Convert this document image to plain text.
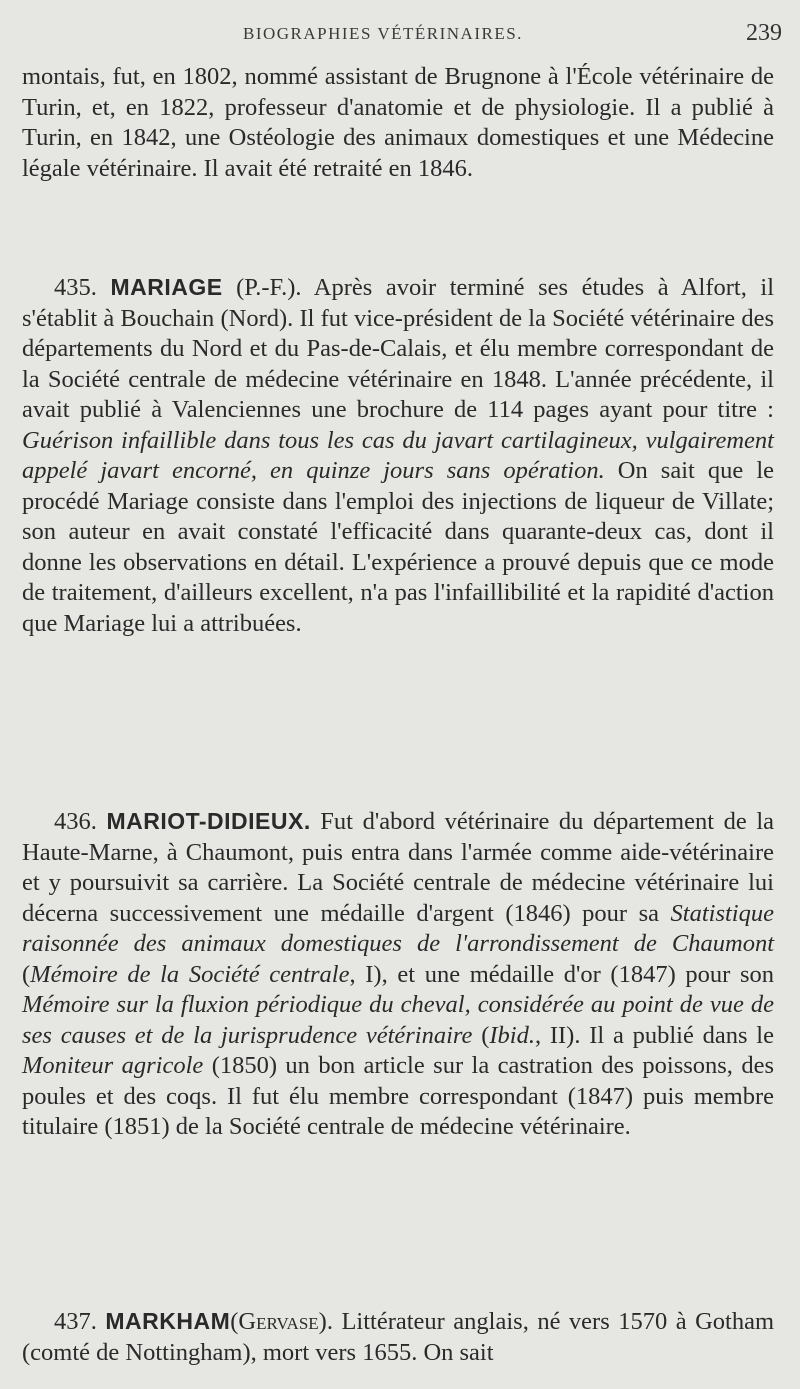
BIOGRAPHIES VÉTÉRINAIRES.	239

montais, fut, en 1802, nommé assistant de Brugnone à l'École vétérinaire de Turin, et, en 1822, professeur d'anatomie et de physiologie. Il a publié à Turin, en 1842, une Ostéologie des animaux domestiques et une Médecine légale vétérinaire. Il avait été retraité en 1846.

435. MARIAGE (P.-F.). Après avoir terminé ses études à Alfort, il s'établit à Bouchain (Nord). Il fut vice-président de la Société vétérinaire des départements du Nord et du Pas-de-Calais, et élu membre correspondant de la Société centrale de médecine vétérinaire en 1848. L'année précédente, il avait publié à Valenciennes une brochure de 114 pages ayant pour titre : Guérison infaillible dans tous les cas du javart cartilagineux, vulgairement appelé javart encorné, en quinze jours sans opération. On sait que le procédé Mariage consiste dans l'emploi des injections de liqueur de Villate; son auteur en avait constaté l'efficacité dans quarante-deux cas, dont il donne les observations en détail. L'expérience a prouvé depuis que ce mode de traitement, d'ailleurs excellent, n'a pas l'infaillibilité et la rapidité d'action que Mariage lui a attribuées.

436. MARIOT-DIDIEUX. Fut d'abord vétérinaire du département de la Haute-Marne, à Chaumont, puis entra dans l'armée comme aide-vétérinaire et y poursuivit sa carrière. La Société centrale de médecine vétérinaire lui décerna successivement une médaille d'argent (1846) pour sa Statistique raisonnée des animaux domestiques de l'arrondissement de Chaumont (Mémoire de la Société centrale, I), et une médaille d'or (1847) pour son Mémoire sur la fluxion périodique du cheval, considérée au point de vue de ses causes et de la jurisprudence vétérinaire (Ibid., II). Il a publié dans le Moniteur agricole (1850) un bon article sur la castration des poissons, des poules et des coqs. Il fut élu membre correspondant (1847) puis membre titulaire (1851) de la Société centrale de médecine vétérinaire.

437. MARKHAM(Gervase). Littérateur anglais, né vers 1570 à Gotham (comté de Nottingham), mort vers 1655. On sait
